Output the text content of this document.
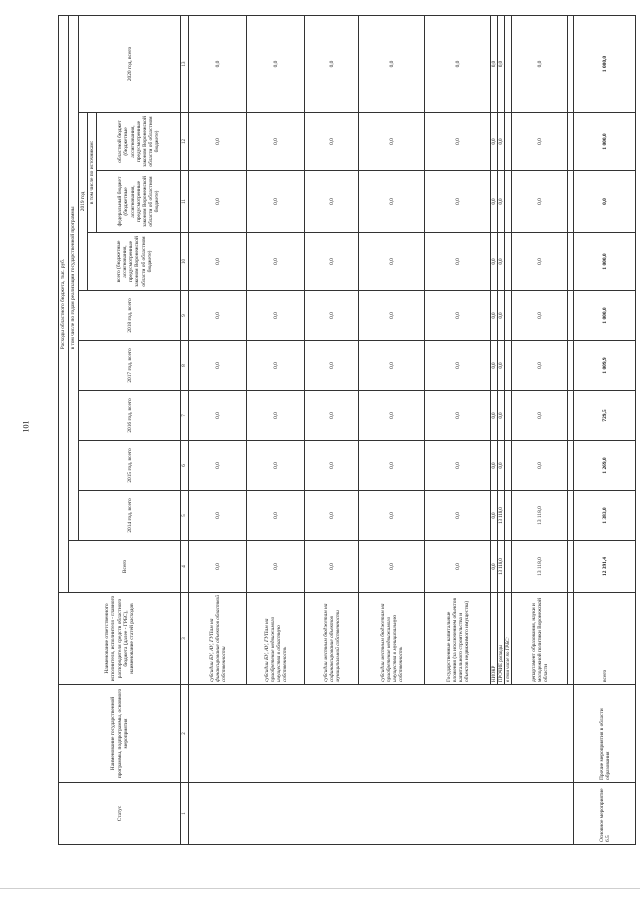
101
Статус	Наименование государственной программы, подпрограммы, основного мероприятия	Наименование ответственного исполнителя, исполнителя - главного распорядителя средств областного бюджета (далее - ГРБС), наименование статей расходов	Расходы областного бюджета, тыс. руб.									
			Всего	в том числе по годам реализации государственной программы								
				2014 год, всего	2015 год, всего	2016 год, всего	2017 год, всего	2018 год, всего	2019 год			2020 год, всего
									всего (бюджетные ассигнования, предусмотренные законом Воронежской области об областном бюджете)	в том числе по источникам:		
										федеральный бюджет (бюджетные ассигнования, предусмотренные законом Воронежской области об областном бюджете)	областной бюджет (бюджетные ассигнования, предусмотренные законом Воронежской области об областном бюджете)	
1	2	3	4	5	6	7	8	9	10	11	12	13
		субсидии БУ, АУ, ГУПам на финансирование объектов областной собственности	0,0	0,0	0,0	0,0	0,0	0,0	0,0	0,0	0,0	0,0
		субсидии БУ, АУ, ГУПам на приобретение недвижимого имущества в областную собственность	0,0	0,0	0,0	0,0	0,0	0,0	0,0	0,0	0,0	0,0
		субсидии местным бюджетам на софинансирование объектов муниципальной собственности	0,0	0,0	0,0	0,0	0,0	0,0	0,0	0,0	0,0	0,0
		субсидии местным бюджетам на приобретение недвижимого имущества в муниципальную собственность	0,0	0,0	0,0	0,0	0,0	0,0	0,0	0,0	0,0	0,0
		Государственные капитальные вложения (за исключением объектов капитального строительства и объектов недвижимого имущества)	0,0	0,0	0,0	0,0	0,0	0,0	0,0	0,0	0,0	0,0
		НИОКР	0,0	0,0	0,0	0,0	0,0	0,0	0,0	0,0	0,0	0,0
		ПРОЧИЕ расходы	13 118,0	13 118,0	0,0	0,0	0,0	0,0	0,0	0,0	0,0	0,0
		в том числе по ГРБС:										
		департамент образования, науки и молодежной политики Воронежской области	13 118,0	13 118,0	0,0	0,0	0,0	0,0	0,0	0,0	0,0	0,0

Основное мероприятие 6.5	Прочие мероприятия в области образования	всего	12 391,4	1 383,0	1 269,0	729,5	1 009,9	1 000,0	1 000,0	0,0	1 000,0	1 000,0
